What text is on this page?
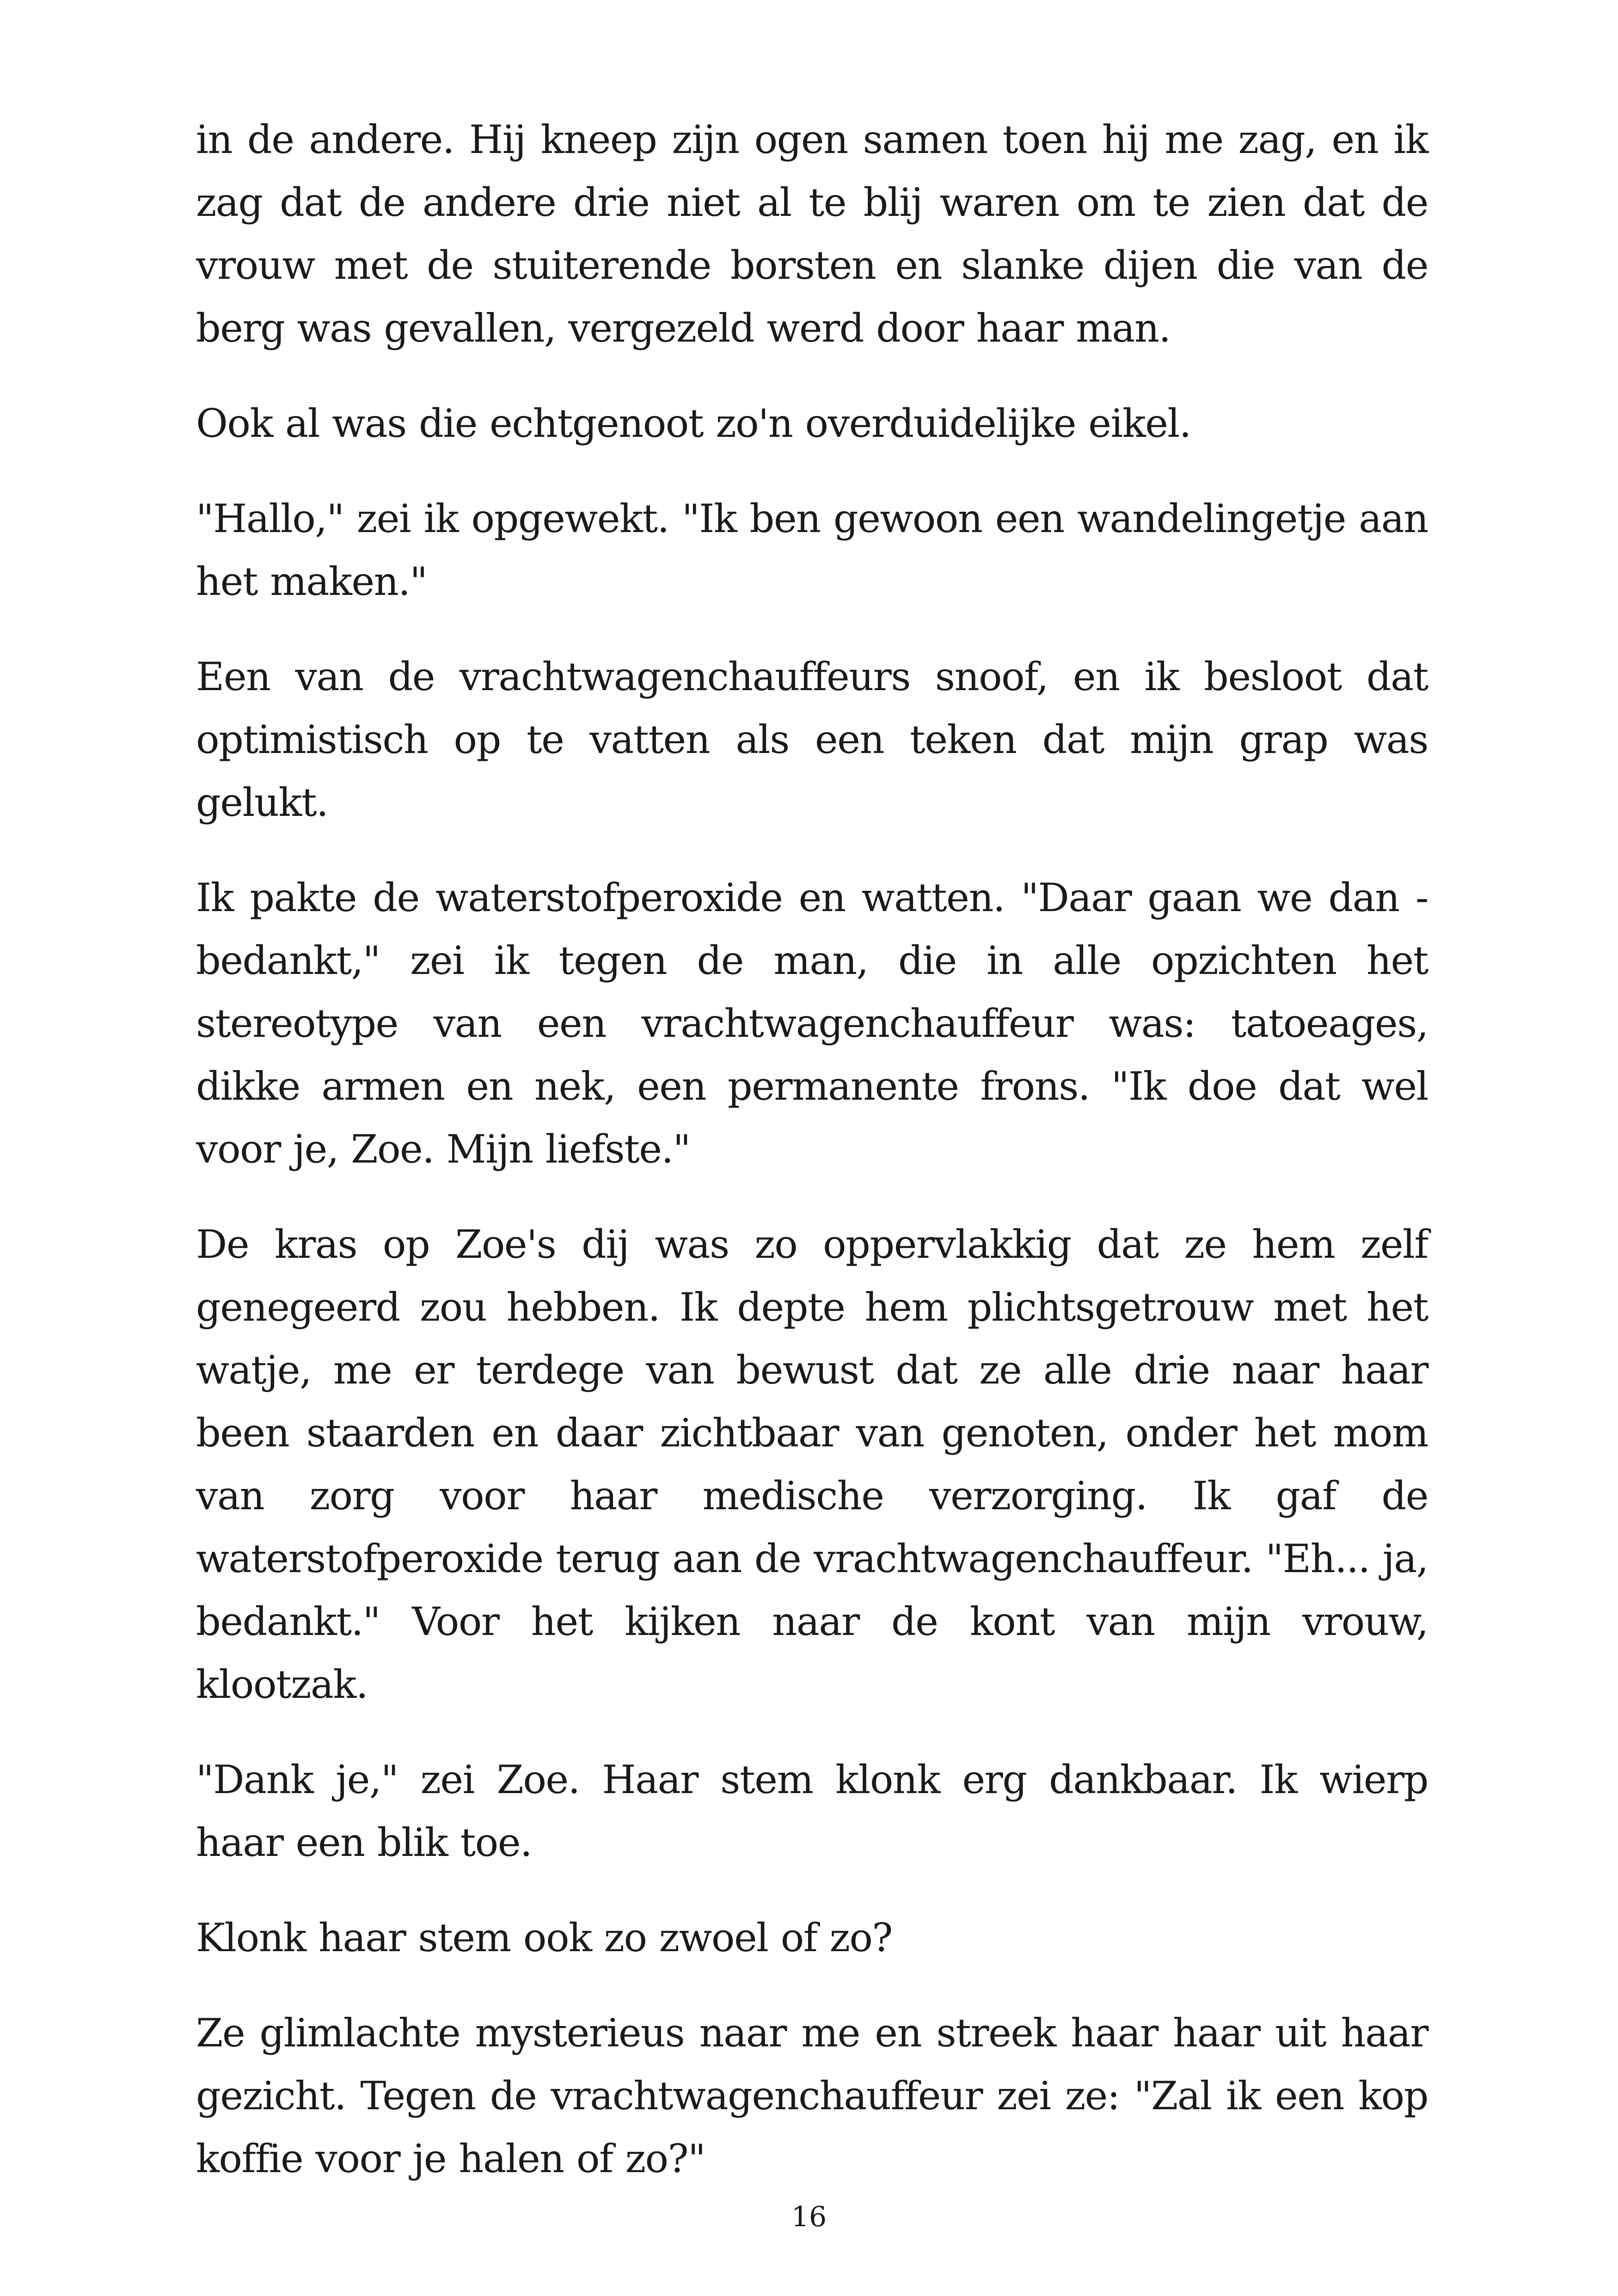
in de andere. Hij kneep zijn ogen samen toen hij me zag, en ik zag dat de andere drie niet al te blij waren om te zien dat de vrouw met de stuiterende borsten en slanke dijen die van de berg was gevallen, vergezeld werd door haar man.

Ook al was die echtgenoot zo'n overduidelijke eikel.

"Hallo," zei ik opgewekt. "Ik ben gewoon een wandelingetje aan het maken."

Een van de vrachtwagenchauffeurs snoof, en ik besloot dat optimistisch op te vatten als een teken dat mijn grap was gelukt.

Ik pakte de waterstofperoxide en watten. "Daar gaan we dan - bedankt," zei ik tegen de man, die in alle opzichten het stereotype van een vrachtwagenchauffeur was: tatoeages, dikke armen en nek, een permanente frons. "Ik doe dat wel voor je, Zoe. Mijn liefste."

De kras op Zoe's dij was zo oppervlakkig dat ze hem zelf genegeerd zou hebben. Ik depte hem plichtsgetrouw met het watje, me er terdege van bewust dat ze alle drie naar haar been staarden en daar zichtbaar van genoten, onder het mom van zorg voor haar medische verzorging. Ik gaf de waterstofperoxide terug aan de vrachtwagenchauffeur. "Eh... ja, bedankt." Voor het kijken naar de kont van mijn vrouw, klootzak.

"Dank je," zei Zoe. Haar stem klonk erg dankbaar. Ik wierp haar een blik toe.

Klonk haar stem ook zo zwoel of zo?

Ze glimlachte mysterieus naar me en streek haar haar uit haar gezicht. Tegen de vrachtwagenchauffeur zei ze: "Zal ik een kop koffie voor je halen of zo?"

16
